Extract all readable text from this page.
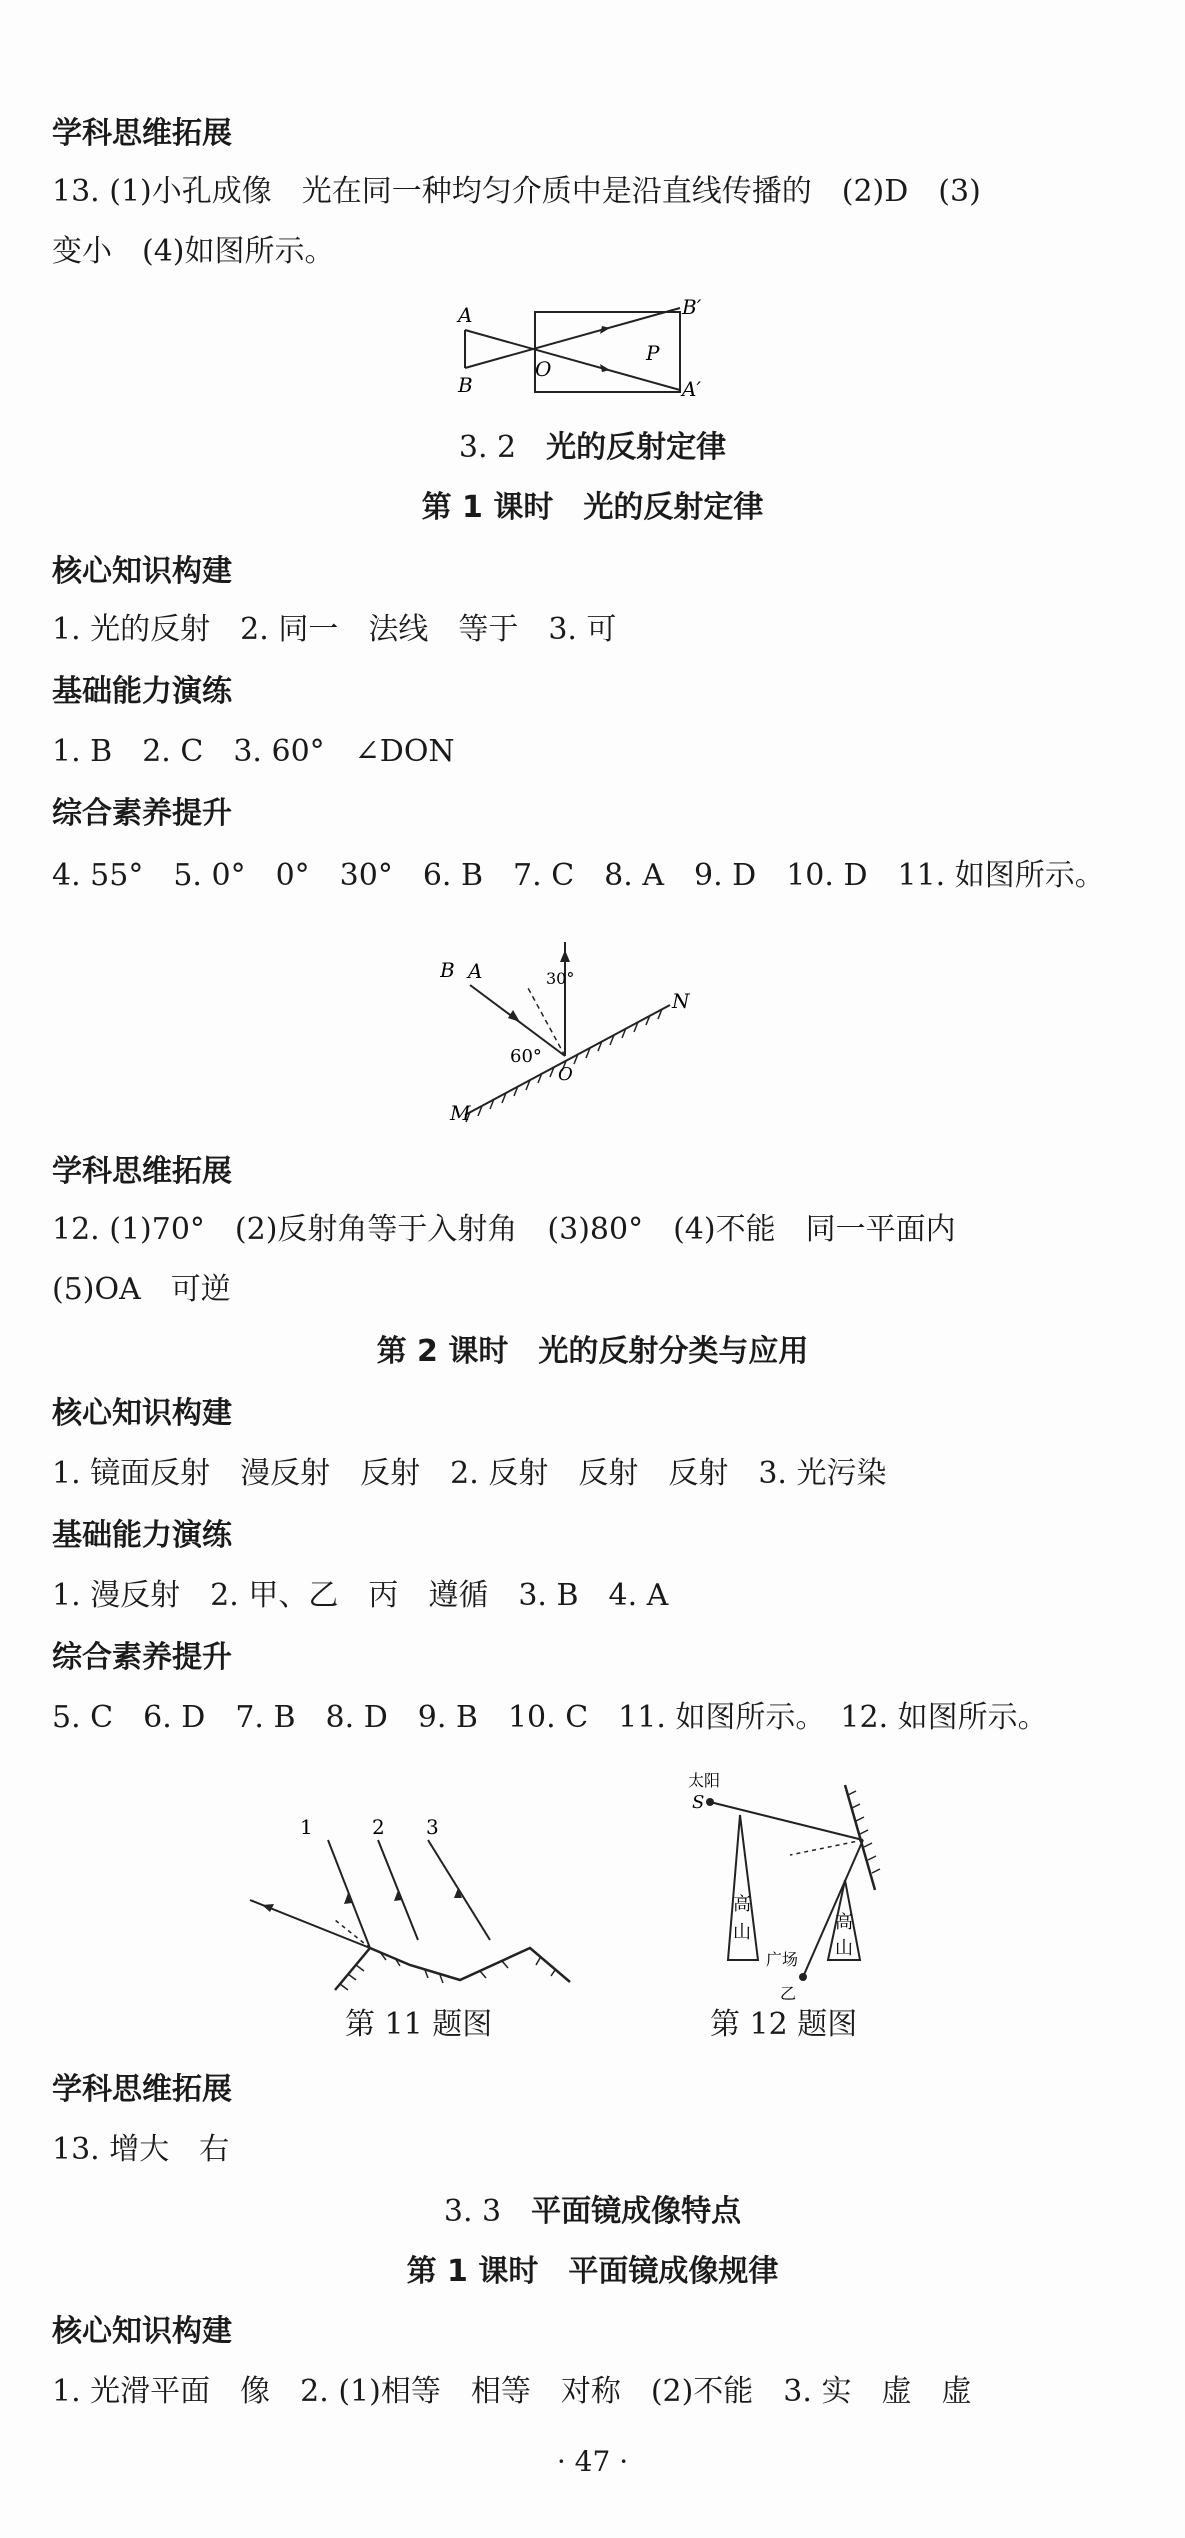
学科思维拓展
13. (1)小孔成像　光在同一种均匀介质中是沿直线传播的　(2)D　(3)
变小　(4)如图所示。
A
B
O
B′
P
A′
3. 2　 光的反射定律
第 1 课时　光的反射定律
核心知识构建
1. 光的反射　2. 同一　法线　等于　3. 可
基础能力演练
1. B　2. C　3. 60°　∠DON
综合素养提升
4. 55°　5. 0°　0°　30°　6. B　7. C　8. A　9. D　10. D　11. 如图所示。
A
B	30°
60°
O
N
M
学科思维拓展
12. (1)70°　(2)反射角等于入射角　(3)80°　(4)不能　同一平面内
(5)OA　可逆
第 2 课时　光的反射分类与应用
核心知识构建
1. 镜面反射　漫反射　反射　2. 反射　反射　反射　3. 光污染
基础能力演练
1. 漫反射　2. 甲、乙　丙　遵循　3. B　4. A
综合素养提升
5. C　6. D　7. B　8. D　9. B　10. C　11. 如图所示。　12. 如图所示。
1	2 3
第 11 题图
太阳
S
高
山	高
山
广场
乙
第 12 题图
学科思维拓展
13. 增大　右
3. 3　 平面镜成像特点
第 1 课时　平面镜成像规律
核心知识构建
1. 光滑平面　像　2. (1)相等　相等　对称　(2)不能　3. 实　虚　虚
· 47 ·
